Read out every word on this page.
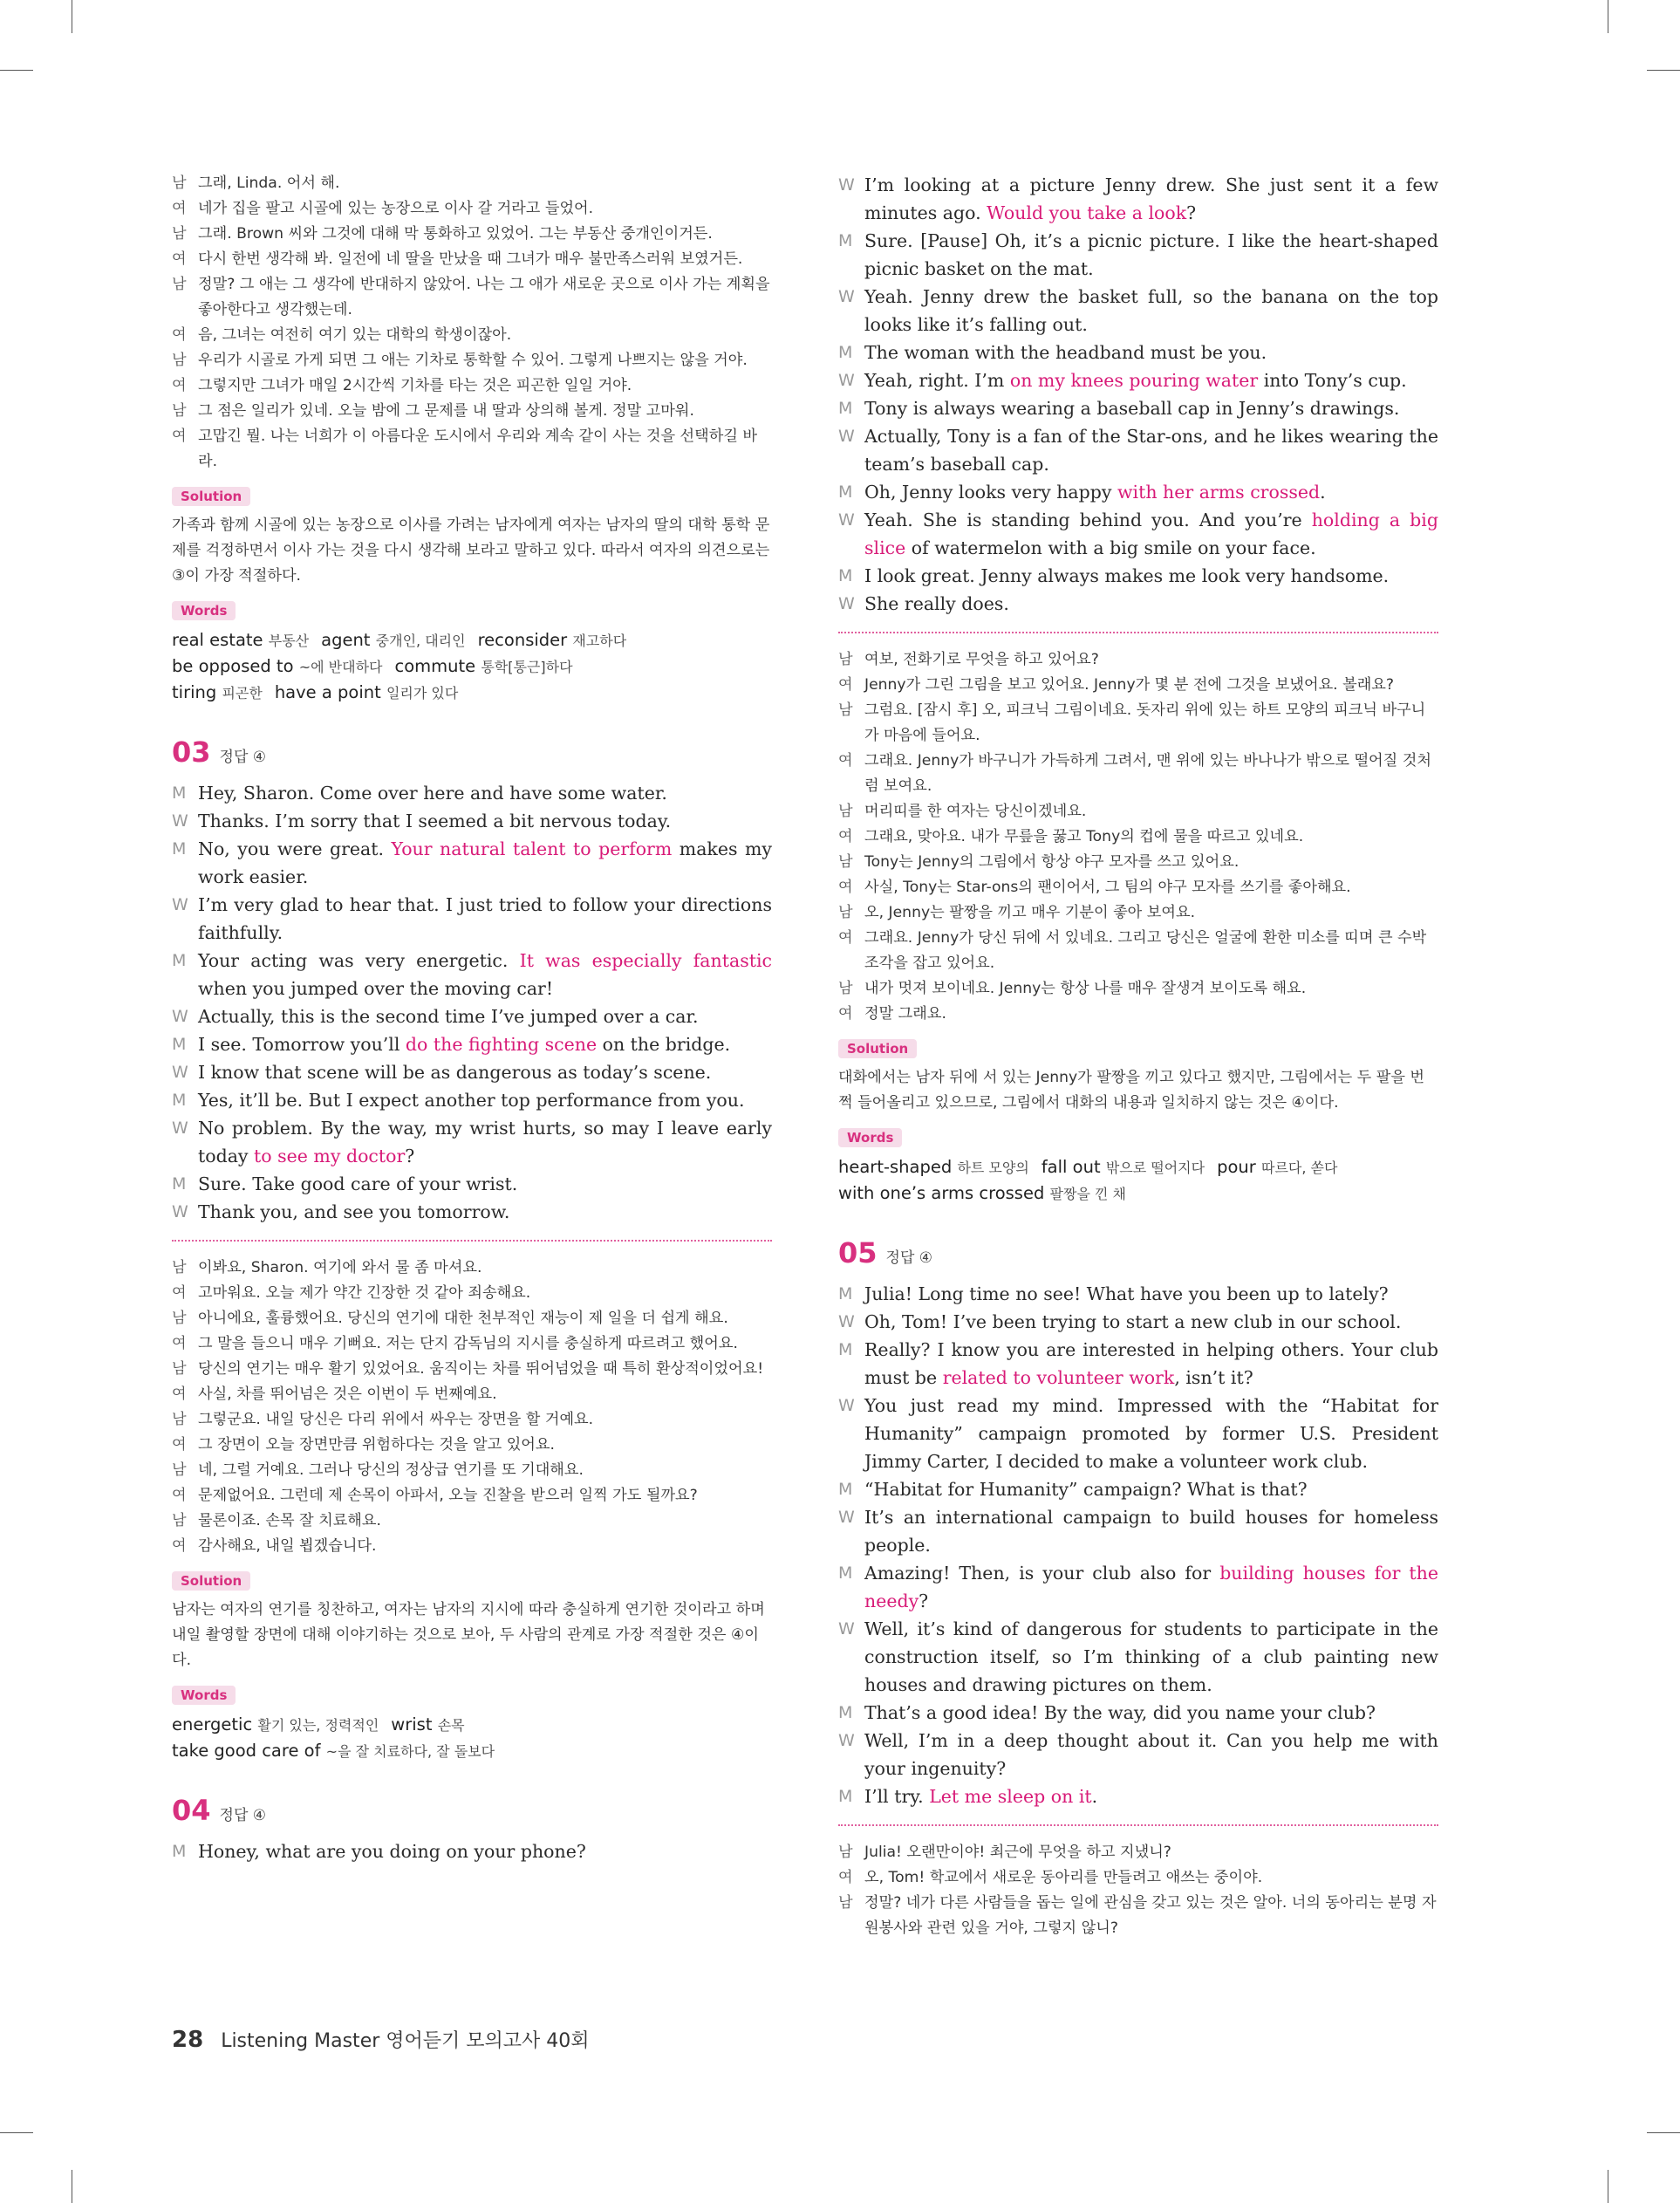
남 그래, Linda. 어서 해.
여 네가 집을 팔고 시골에 있는 농장으로 이사 갈 거라고 들었어.
남 그래. Brown 씨와 그것에 대해 막 통화하고 있었어. 그는 부동산 중개인이거든.
여 다시 한번 생각해 봐. 일전에 네 딸을 만났을 때 그녀가 매우 불만족스러워 보였거든.
남 정말? 그 애는 그 생각에 반대하지 않았어. 나는 그 애가 새로운 곳으로 이사 가는 계획을 좋아한다고 생각했는데.
여 음, 그녀는 여전히 여기 있는 대학의 학생이잖아.
남 우리가 시골로 가게 되면 그 애는 기차로 통학할 수 있어. 그렇게 나쁘지는 않을 거야.
여 그렇지만 그녀가 매일 2시간씩 기차를 타는 것은 피곤한 일일 거야.
남 그 점은 일리가 있네. 오늘 밤에 그 문제를 내 딸과 상의해 볼게. 정말 고마워.
여 고맙긴 뭘. 나는 너희가 이 아름다운 도시에서 우리와 계속 같이 사는 것을 선택하길 바라.
Solution
가족과 함께 시골에 있는 농장으로 이사를 가려는 남자에게 여자는 남자의 딸의 대학 통학 문제를 걱정하면서 이사 가는 것을 다시 생각해 보라고 말하고 있다. 따라서 여자의 의견으로는 ③이 가장 적절하다.
Words
real estate 부동산 agent 중개인, 대리인 reconsider 재고하다
be opposed to ~에 반대하다 commute 통학[통근]하다
tiring 피곤한 have a point 일리가 있다
03 정답 ④
M Hey, Sharon. Come over here and have some water.
W Thanks. I’m sorry that I seemed a bit nervous today.
M No, you were great. Your natural talent to perform makes my work easier.
W I’m very glad to hear that. I just tried to follow your directions faithfully.
M Your acting was very energetic. It was especially fantastic when you jumped over the moving car!
W Actually, this is the second time I’ve jumped over a car.
M I see. Tomorrow you’ll do the fighting scene on the bridge.
W I know that scene will be as dangerous as today’s scene.
M Yes, it’ll be. But I expect another top performance from you.
W No problem. By the way, my wrist hurts, so may I leave early today to see my doctor?
M Sure. Take good care of your wrist.
W Thank you, and see you tomorrow.
남 이봐요, Sharon. 여기에 와서 물 좀 마셔요.
여 고마워요. 오늘 제가 약간 긴장한 것 같아 죄송해요.
남 아니에요, 훌륭했어요. 당신의 연기에 대한 천부적인 재능이 제 일을 더 쉽게 해요.
여 그 말을 들으니 매우 기뻐요. 저는 단지 감독님의 지시를 충실하게 따르려고 했어요.
남 당신의 연기는 매우 활기 있었어요. 움직이는 차를 뛰어넘었을 때 특히 환상적이었어요!
여 사실, 차를 뛰어넘은 것은 이번이 두 번째예요.
남 그렇군요. 내일 당신은 다리 위에서 싸우는 장면을 할 거예요.
여 그 장면이 오늘 장면만큼 위험하다는 것을 알고 있어요.
남 네, 그럴 거예요. 그러나 당신의 정상급 연기를 또 기대해요.
여 문제없어요. 그런데 제 손목이 아파서, 오늘 진찰을 받으러 일찍 가도 될까요?
남 물론이죠. 손목 잘 치료해요.
여 감사해요, 내일 뵙겠습니다.
Solution
남자는 여자의 연기를 칭찬하고, 여자는 남자의 지시에 따라 충실하게 연기한 것이라고 하며 내일 촬영할 장면에 대해 이야기하는 것으로 보아, 두 사람의 관계로 가장 적절한 것은 ④이다.
Words
energetic 활기 있는, 정력적인 wrist 손목
take good care of ~을 잘 치료하다, 잘 돌보다
04 정답 ④
M Honey, what are you doing on your phone?
W I’m looking at a picture Jenny drew. She just sent it a few minutes ago. Would you take a look?
M Sure. [Pause] Oh, it’s a picnic picture. I like the heart-shaped picnic basket on the mat.
W Yeah. Jenny drew the basket full, so the banana on the top looks like it’s falling out.
M The woman with the headband must be you.
W Yeah, right. I’m on my knees pouring water into Tony’s cup.
M Tony is always wearing a baseball cap in Jenny’s drawings.
W Actually, Tony is a fan of the Star-ons, and he likes wearing the team’s baseball cap.
M Oh, Jenny looks very happy with her arms crossed.
W Yeah. She is standing behind you. And you’re holding a big slice of watermelon with a big smile on your face.
M I look great. Jenny always makes me look very handsome.
W She really does.
남 여보, 전화기로 무엇을 하고 있어요?
여 Jenny가 그린 그림을 보고 있어요. Jenny가 몇 분 전에 그것을 보냈어요. 볼래요?
남 그럼요. [잠시 후] 오, 피크닉 그림이네요. 돗자리 위에 있는 하트 모양의 피크닉 바구니가 마음에 들어요.
여 그래요. Jenny가 바구니가 가득하게 그려서, 맨 위에 있는 바나나가 밖으로 떨어질 것처럼 보여요.
남 머리띠를 한 여자는 당신이겠네요.
여 그래요, 맞아요. 내가 무릎을 꿇고 Tony의 컵에 물을 따르고 있네요.
남 Tony는 Jenny의 그림에서 항상 야구 모자를 쓰고 있어요.
여 사실, Tony는 Star-ons의 팬이어서, 그 팀의 야구 모자를 쓰기를 좋아해요.
남 오, Jenny는 팔짱을 끼고 매우 기분이 좋아 보여요.
여 그래요. Jenny가 당신 뒤에 서 있네요. 그리고 당신은 얼굴에 환한 미소를 띠며 큰 수박 조각을 잡고 있어요.
남 내가 멋져 보이네요. Jenny는 항상 나를 매우 잘생겨 보이도록 해요.
여 정말 그래요.
Solution
대화에서는 남자 뒤에 서 있는 Jenny가 팔짱을 끼고 있다고 했지만, 그림에서는 두 팔을 번쩍 들어올리고 있으므로, 그림에서 대화의 내용과 일치하지 않는 것은 ④이다.
Words
heart-shaped 하트 모양의 fall out 밖으로 떨어지다 pour 따르다, 쏟다
with one’s arms crossed 팔짱을 낀 채
05 정답 ④
M Julia! Long time no see! What have you been up to lately?
W Oh, Tom! I’ve been trying to start a new club in our school.
M Really? I know you are interested in helping others. Your club must be related to volunteer work, isn’t it?
W You just read my mind. Impressed with the “Habitat for Humanity” campaign promoted by former U.S. President Jimmy Carter, I decided to make a volunteer work club.
M “Habitat for Humanity” campaign? What is that?
W It’s an international campaign to build houses for homeless people.
M Amazing! Then, is your club also for building houses for the needy?
W Well, it’s kind of dangerous for students to participate in the construction itself, so I’m thinking of a club painting new houses and drawing pictures on them.
M That’s a good idea! By the way, did you name your club?
W Well, I’m in a deep thought about it. Can you help me with your ingenuity?
M I’ll try. Let me sleep on it.
남 Julia! 오랜만이야! 최근에 무엇을 하고 지냈니?
여 오, Tom! 학교에서 새로운 동아리를 만들려고 애쓰는 중이야.
남 정말? 네가 다른 사람들을 돕는 일에 관심을 갖고 있는 것은 알아. 너의 동아리는 분명 자원봉사와 관련 있을 거야, 그렇지 않니?
28 Listening Master 영어듣기 모의고사 40회
